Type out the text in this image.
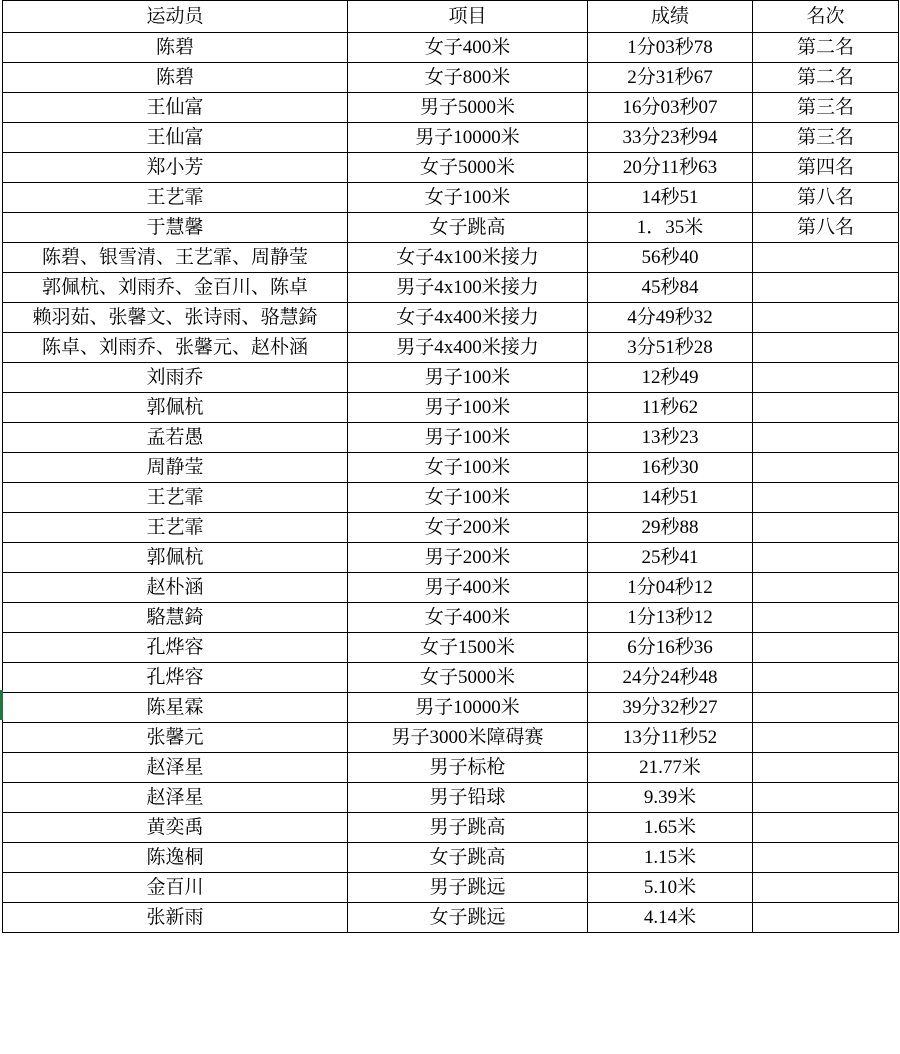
运动员	项目	成绩	名次
陈碧	女子400米	1分03秒78	第二名
陈碧	女子800米	2分31秒67	第二名
王仙富	男子5000米	16分03秒07	第三名
王仙富	男子10000米	33分23秒94	第三名
郑小芳	女子5000米	20分11秒63	第四名
王艺霏	女子100米	14秒51	第八名
于慧馨	女子跳高	1．35米	第八名
陈碧、银雪清、王艺霏、周静莹	女子4x100米接力	56秒40	
郭佩杭、刘雨乔、金百川、陈卓	男子4x100米接力	45秒84	
赖羽茹、张馨文、张诗雨、骆慧錡	女子4x400米接力	4分49秒32	
陈卓、刘雨乔、张馨元、赵朴涵	男子4x400米接力	3分51秒28	
刘雨乔	男子100米	12秒49	
郭佩杭	男子100米	11秒62	
孟若愚	男子100米	13秒23	
周静莹	女子100米	16秒30	
王艺霏	女子100米	14秒51	
王艺霏	女子200米	29秒88	
郭佩杭	男子200米	25秒41	
赵朴涵	男子400米	1分04秒12	
駱慧錡	女子400米	1分13秒12	
孔烨容	女子1500米	6分16秒36	
孔烨容	女子5000米	24分24秒48	
陈星霖	男子10000米	39分32秒27	
张馨元	男子3000米障碍赛	13分11秒52	
赵泽星	男子标枪	21.77米	
赵泽星	男子铅球	9.39米	
黄奕禹	男子跳高	1.65米	
陈逸桐	女子跳高	1.15米	
金百川	男子跳远	5.10米	
张新雨	女子跳远	4.14米	
